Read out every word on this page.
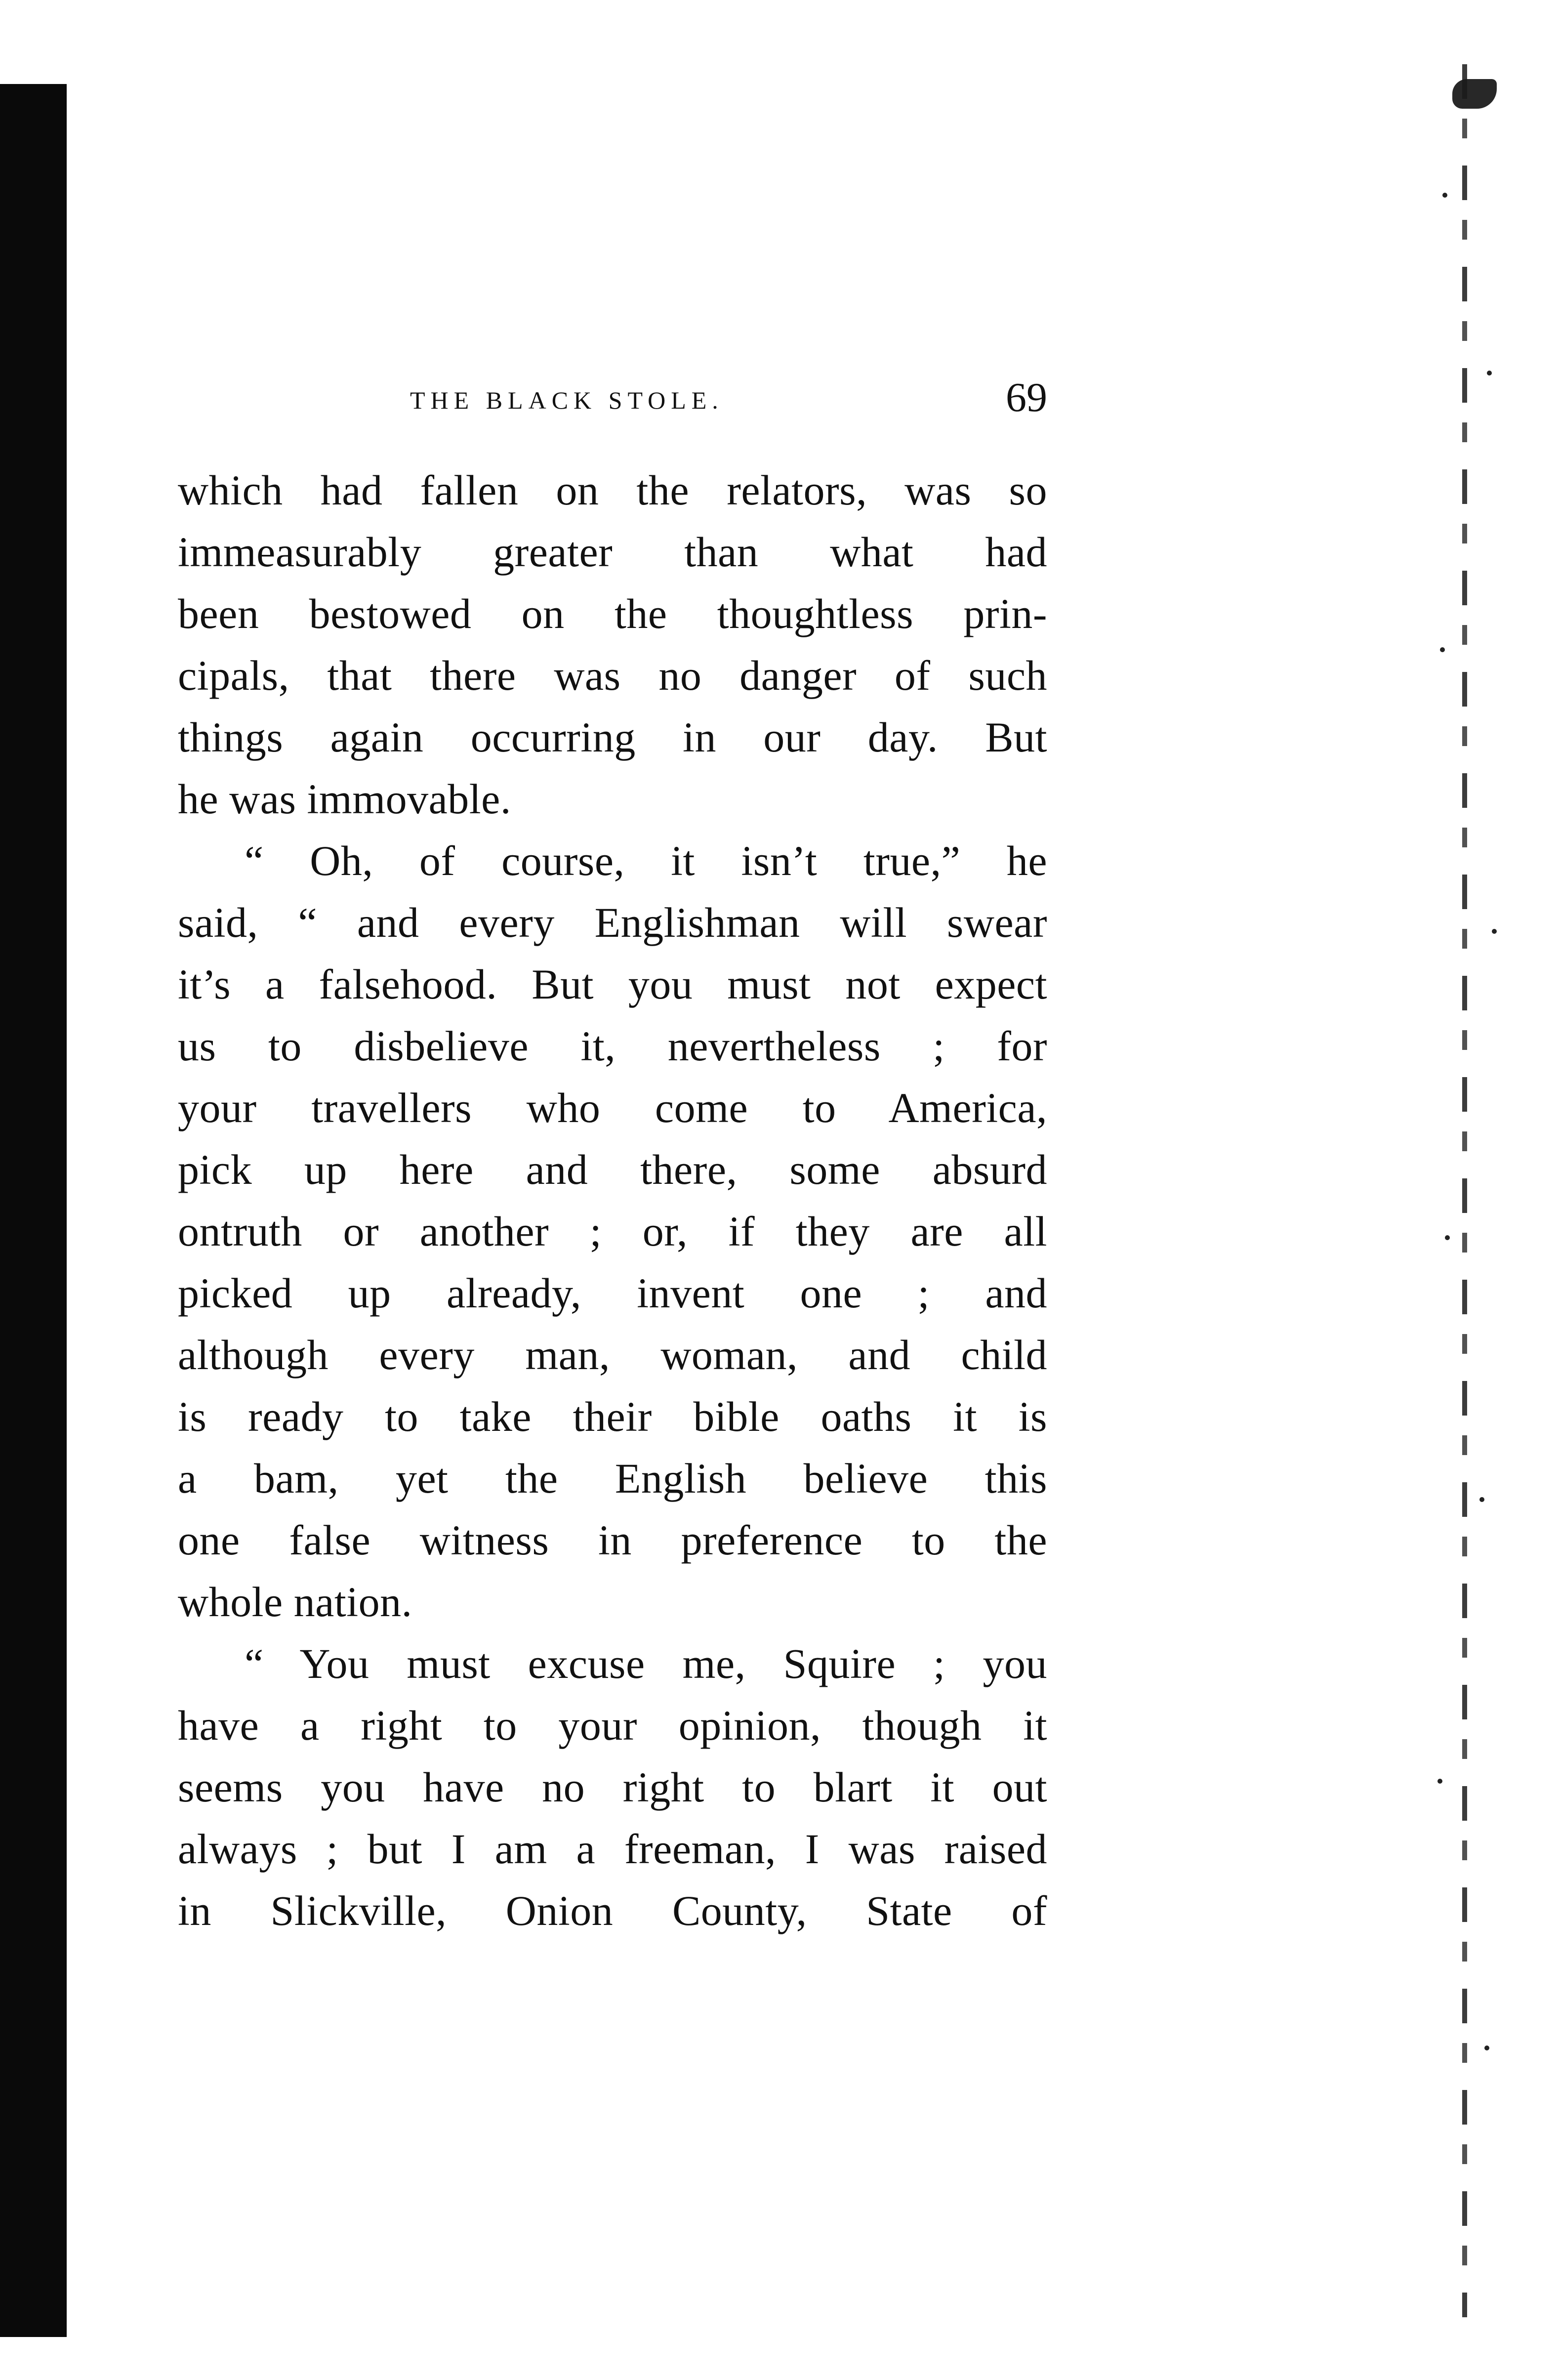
THE BLACK STOLE.	69
which had fallen on the relators, was so
immeasurably greater than what had
been bestowed on the thoughtless prin-
cipals, that there was no danger of such
things again occurring in our day. But
he was immovable.
“ Oh, of course, it isn’t true,” he
said, “ and every Englishman will swear
it’s a falsehood. But you must not expect
us to disbelieve it, nevertheless ; for
your travellers who come to America,
pick up here and there, some absurd
ontruth or another ; or, if they are all
picked up already, invent one ; and
although every man, woman, and child
is ready to take their bible oaths it is
a bam, yet the English believe this
one false witness in preference to the
whole nation.
“ You must excuse me, Squire ; you
have a right to your opinion, though it
seems you have no right to blart it out
always ; but I am a freeman, I was raised
in Slickville, Onion County, State of
